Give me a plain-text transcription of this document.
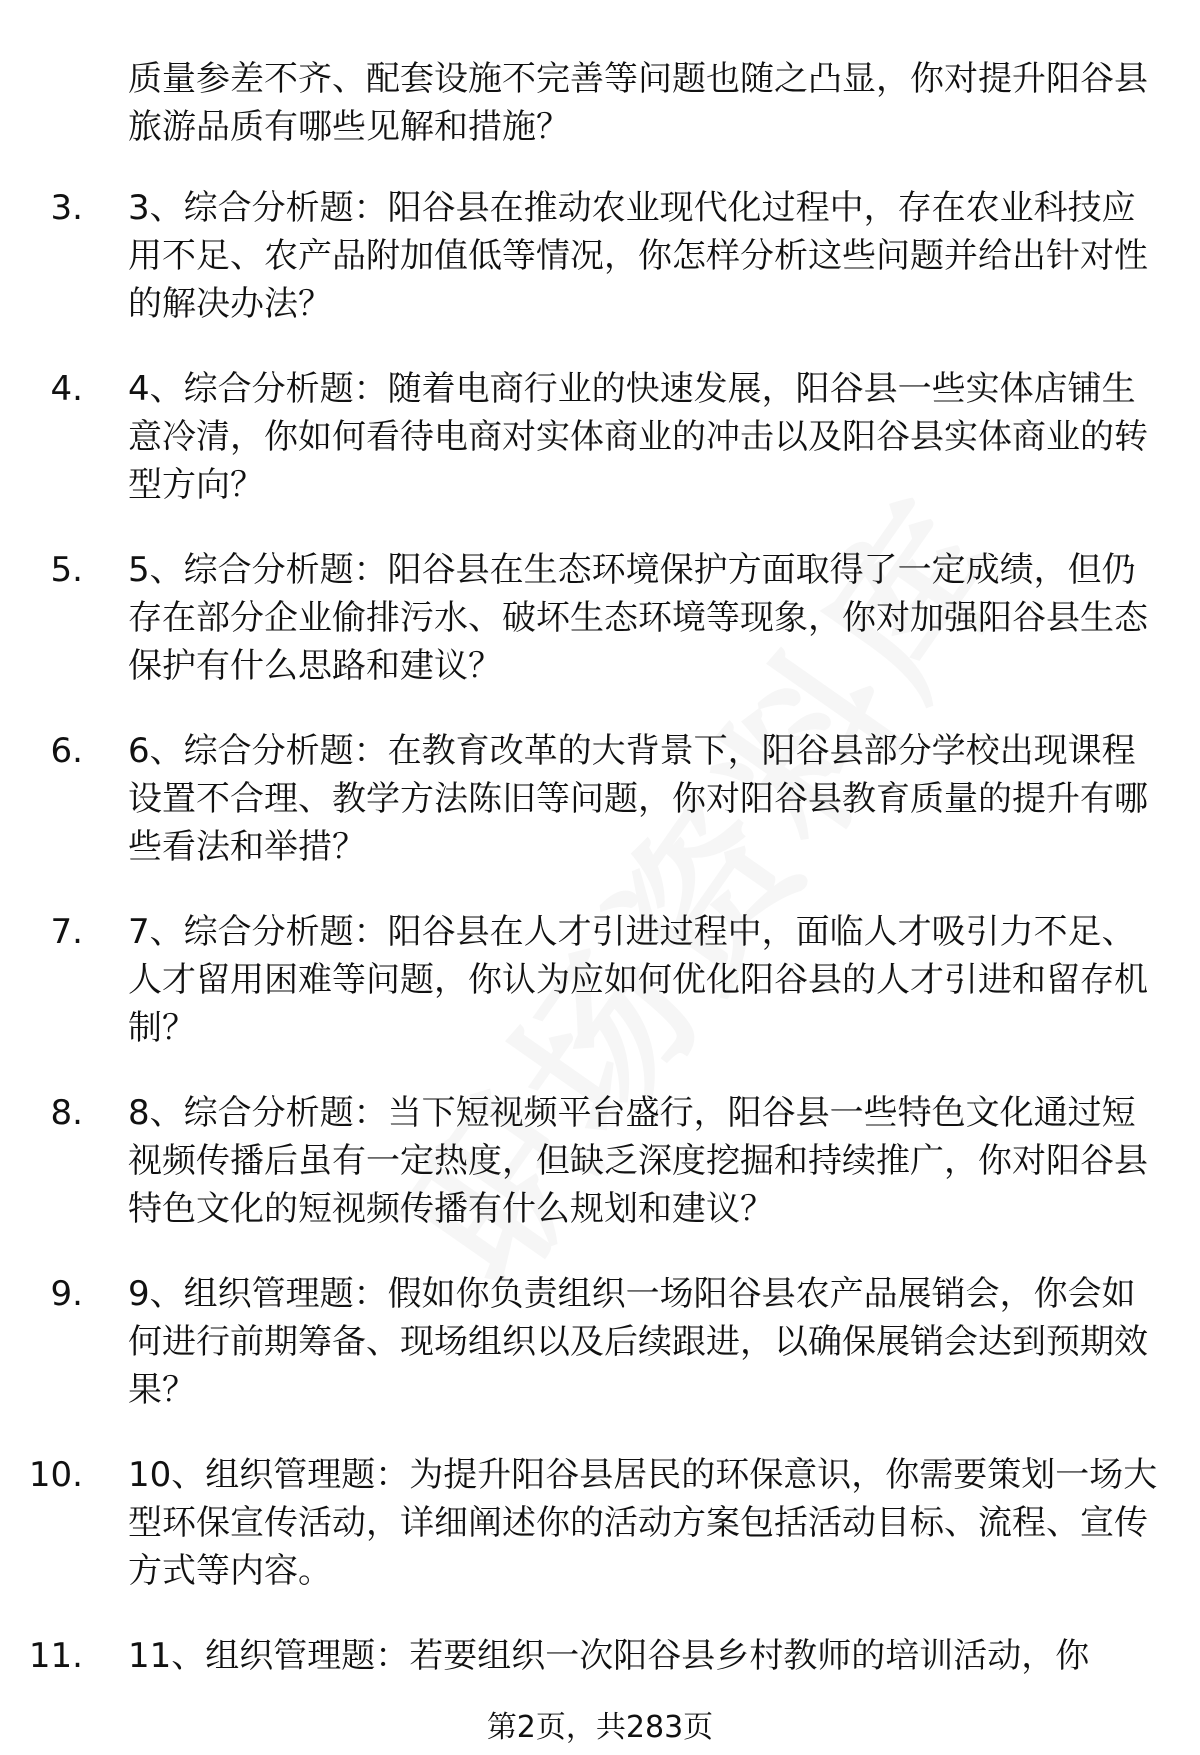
质量参差不齐、配套设施不完善等问题也随之凸显，你对提升阳谷县旅游品质有哪些见解和措施？
3. 3、综合分析题：阳谷县在推动农业现代化过程中，存在农业科技应用不足、农产品附加值低等情况，你怎样分析这些问题并给出针对性的解决办法？
4. 4、综合分析题：随着电商行业的快速发展，阳谷县一些实体店铺生意冷清，你如何看待电商对实体商业的冲击以及阳谷县实体商业的转型方向？
5. 5、综合分析题：阳谷县在生态环境保护方面取得了一定成绩，但仍存在部分企业偷排污水、破坏生态环境等现象，你对加强阳谷县生态保护有什么思路和建议？
6. 6、综合分析题：在教育改革的大背景下，阳谷县部分学校出现课程设置不合理、教学方法陈旧等问题，你对阳谷县教育质量的提升有哪些看法和举措？
7. 7、综合分析题：阳谷县在人才引进过程中，面临人才吸引力不足、人才留用困难等问题，你认为应如何优化阳谷县的人才引进和留存机制？
8. 8、综合分析题：当下短视频平台盛行，阳谷县一些特色文化通过短视频传播后虽有一定热度，但缺乏深度挖掘和持续推广，你对阳谷县特色文化的短视频传播有什么规划和建议？
9. 9、组织管理题：假如你负责组织一场阳谷县农产品展销会，你会如何进行前期筹备、现场组织以及后续跟进，以确保展销会达到预期效果？
10. 10、组织管理题：为提升阳谷县居民的环保意识，你需要策划一场大型环保宣传活动，详细阐述你的活动方案包括活动目标、流程、宣传方式等内容。
11. 11、组织管理题：若要组织一次阳谷县乡村教师的培训活动，你
第2页，共283页
